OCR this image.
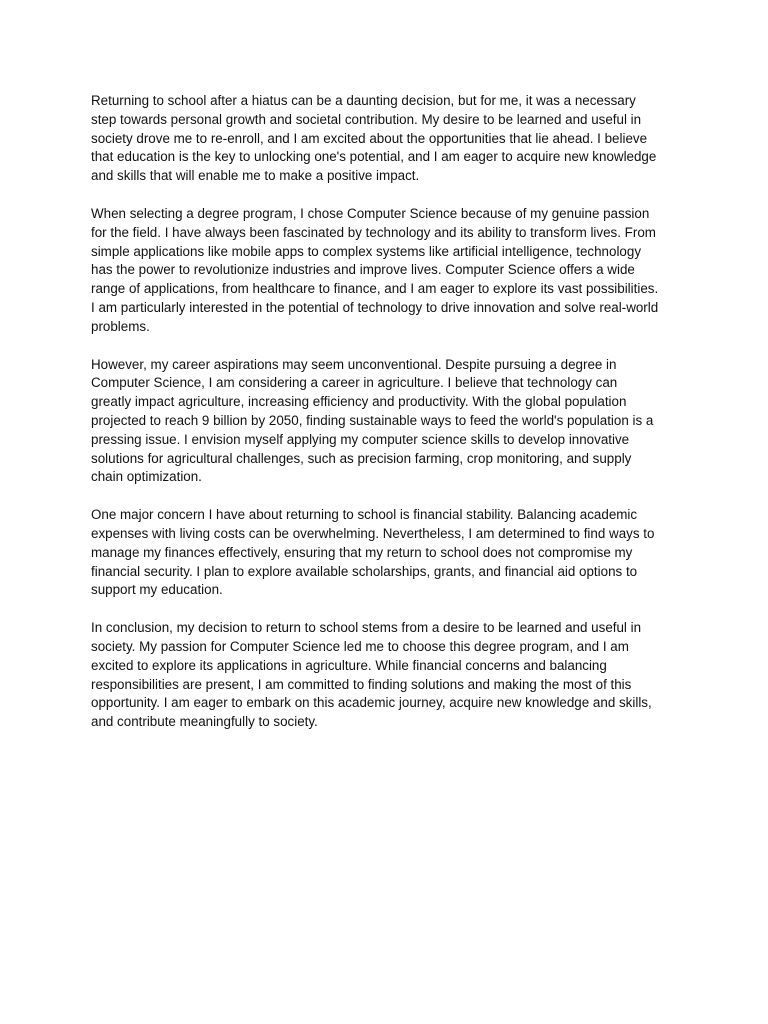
Returning to school after a hiatus can be a daunting decision, but for me, it was a necessary
step towards personal growth and societal contribution. My desire to be learned and useful in
society drove me to re-enroll, and I am excited about the opportunities that lie ahead. I believe
that education is the key to unlocking one's potential, and I am eager to acquire new knowledge
and skills that will enable me to make a positive impact.

When selecting a degree program, I chose Computer Science because of my genuine passion
for the field. I have always been fascinated by technology and its ability to transform lives. From
simple applications like mobile apps to complex systems like artificial intelligence, technology
has the power to revolutionize industries and improve lives. Computer Science offers a wide
range of applications, from healthcare to finance, and I am eager to explore its vast possibilities.
I am particularly interested in the potential of technology to drive innovation and solve real-world
problems.

However, my career aspirations may seem unconventional. Despite pursuing a degree in
Computer Science, I am considering a career in agriculture. I believe that technology can
greatly impact agriculture, increasing efficiency and productivity. With the global population
projected to reach 9 billion by 2050, finding sustainable ways to feed the world's population is a
pressing issue. I envision myself applying my computer science skills to develop innovative
solutions for agricultural challenges, such as precision farming, crop monitoring, and supply
chain optimization.

One major concern I have about returning to school is financial stability. Balancing academic
expenses with living costs can be overwhelming. Nevertheless, I am determined to find ways to
manage my finances effectively, ensuring that my return to school does not compromise my
financial security. I plan to explore available scholarships, grants, and financial aid options to
support my education.

In conclusion, my decision to return to school stems from a desire to be learned and useful in
society. My passion for Computer Science led me to choose this degree program, and I am
excited to explore its applications in agriculture. While financial concerns and balancing
responsibilities are present, I am committed to finding solutions and making the most of this
opportunity. I am eager to embark on this academic journey, acquire new knowledge and skills,
and contribute meaningfully to society.
